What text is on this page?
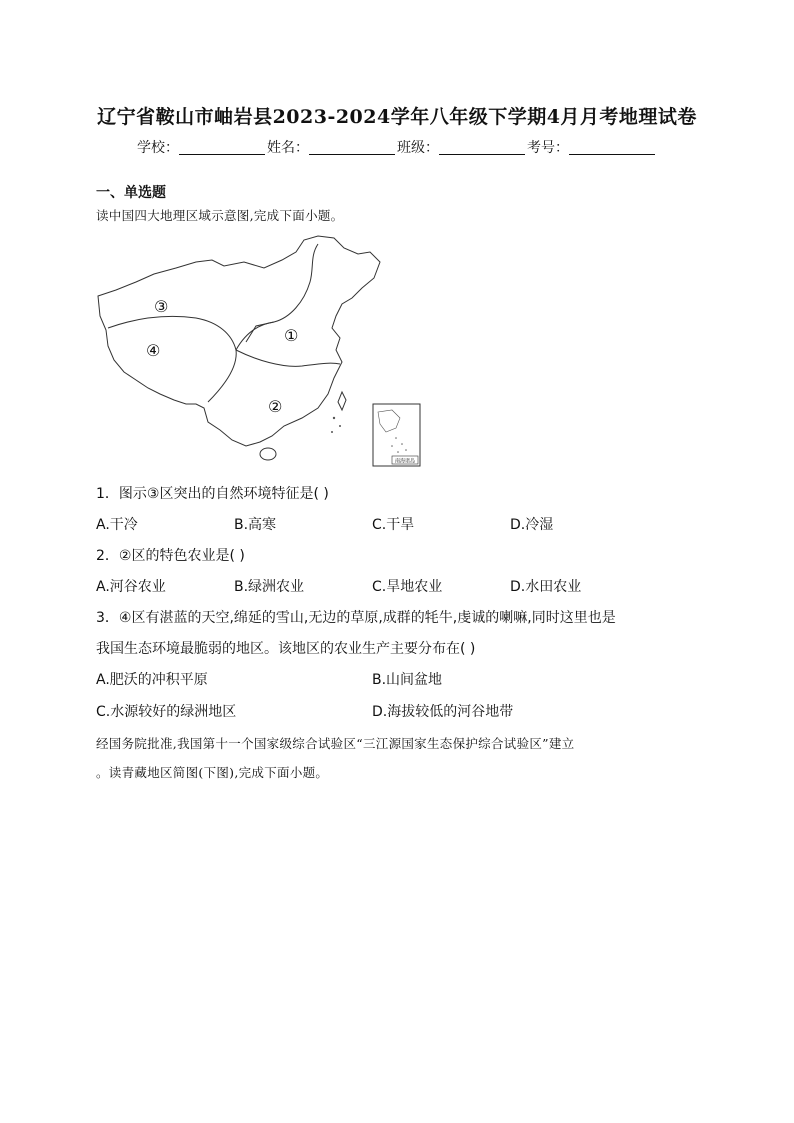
辽宁省鞍山市岫岩县2023-2024学年八年级下学期4月月考地理试卷
学校：	姓名：	班级：	考号：
一、单选题
读中国四大地理区域示意图,完成下面小题。
③
④
①
②
南海诸岛
1．图示③区突出的自然环境特征是( )
A.干冷	B.高寒	C.干旱	D.冷湿
2．②区的特色农业是( )
A.河谷农业	B.绿洲农业	C.旱地农业	D.水田农业
3．④区有湛蓝的天空,绵延的雪山,无边的草原,成群的牦牛,虔诚的喇嘛,同时这里也是
我国生态环境最脆弱的地区。该地区的农业生产主要分布在( )
A.肥沃的冲积平原	B.山间盆地
C.水源较好的绿洲地区	D.海拔较低的河谷地带
经国务院批准,我国第十一个国家级综合试验区“三江源国家生态保护综合试验区”建立
。读青藏地区简图(下图),完成下面小题。
